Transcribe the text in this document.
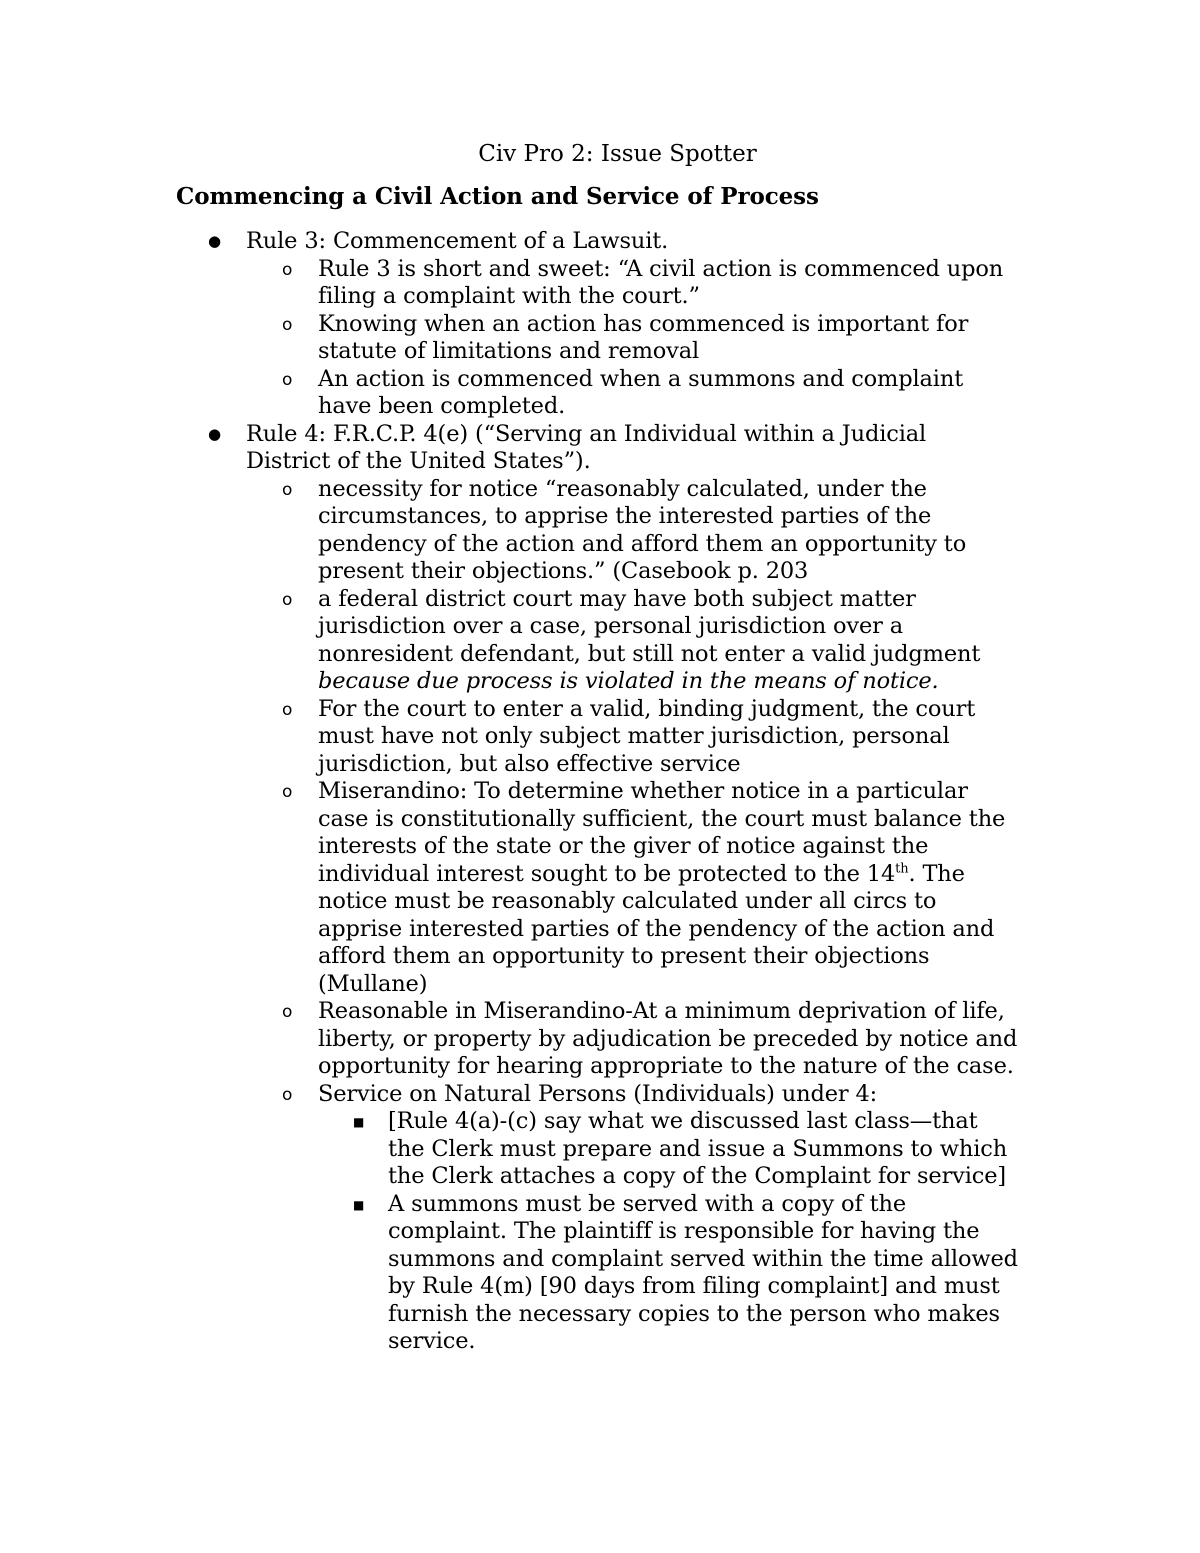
Civ Pro 2: Issue Spotter
Commencing a Civil Action and Service of Process
● Rule 3: Commencement of a Lawsuit.
o Rule 3 is short and sweet: “A civil action is commenced upon
filing a complaint with the court.”
o Knowing when an action has commenced is important for
statute of limitations and removal
o An action is commenced when a summons and complaint
have been completed.
● Rule 4: F.R.C.P. 4(e) (“Serving an Individual within a Judicial
District of the United States”).
o necessity for notice “reasonably calculated, under the
circumstances, to apprise the interested parties of the
pendency of the action and afford them an opportunity to
present their objections.” (Casebook p. 203
o a federal district court may have both subject matter
jurisdiction over a case, personal jurisdiction over a
nonresident defendant, but still not enter a valid judgment
because due process is violated in the means of notice.
o For the court to enter a valid, binding judgment, the court
must have not only subject matter jurisdiction, personal
jurisdiction, but also effective service
o Miserandino: To determine whether notice in a particular
case is constitutionally sufficient, the court must balance the
interests of the state or the giver of notice against the
individual interest sought to be protected to the 14th. The
notice must be reasonably calculated under all circs to
apprise interested parties of the pendency of the action and
afford them an opportunity to present their objections
(Mullane)
o Reasonable in Miserandino-At a minimum deprivation of life,
liberty, or property by adjudication be preceded by notice and
opportunity for hearing appropriate to the nature of the case.
o Service on Natural Persons (Individuals) under 4:
■ [Rule 4(a)-(c) say what we discussed last class—that
the Clerk must prepare and issue a Summons to which
the Clerk attaches a copy of the Complaint for service]
■ A summons must be served with a copy of the
complaint. The plaintiff is responsible for having the
summons and complaint served within the time allowed
by Rule 4(m) [90 days from filing complaint] and must
furnish the necessary copies to the person who makes
service.
